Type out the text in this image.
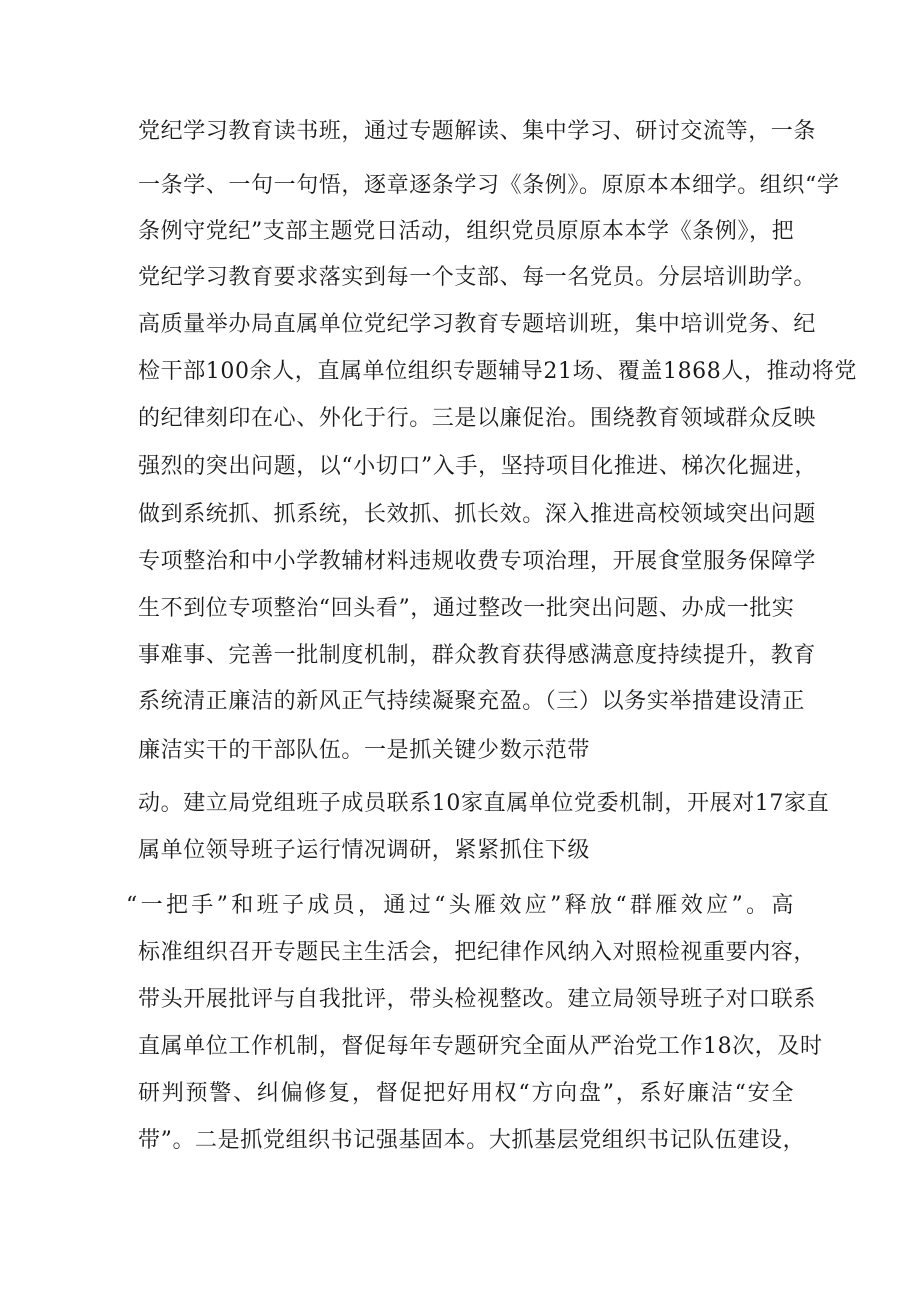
党纪学习教育读书班，通过专题解读、集中学习、研讨交流等，一条
一条学、一句一句悟，逐章逐条学习《条例》。原原本本细学。组织“学
条例守党纪”支部主题党日活动，组织党员原原本本学《条例》，把
党纪学习教育要求落实到每一个支部、每一名党员。分层培训助学。
高质量举办局直属单位党纪学习教育专题培训班，集中培训党务、纪
检干部100余人，直属单位组织专题辅导21场、覆盖1868人，推动将党
的纪律刻印在心、外化于行。三是以廉促治。围绕教育领域群众反映
强烈的突出问题，以“小切口”入手，坚持项目化推进、梯次化掘进，
做到系统抓、抓系统，长效抓、抓长效。深入推进高校领域突出问题
专项整治和中小学教辅材料违规收费专项治理，开展食堂服务保障学
生不到位专项整治“回头看”，通过整改一批突出问题、办成一批实
事难事、完善一批制度机制，群众教育获得感满意度持续提升，教育
系统清正廉洁的新风正气持续凝聚充盈。（三）以务实举措建设清正
廉洁实干的干部队伍。一是抓关键少数示范带
动。建立局党组班子成员联系10家直属单位党委机制，开展对17家直
属单位领导班子运行情况调研，紧紧抓住下级
“一把手”和班子成员，通过“头雁效应”释放“群雁效应”。高
标准组织召开专题民主生活会，把纪律作风纳入对照检视重要内容，
带头开展批评与自我批评，带头检视整改。建立局领导班子对口联系
直属单位工作机制，督促每年专题研究全面从严治党工作18次，及时
研判预警、纠偏修复，督促把好用权“方向盘”，系好廉洁“安全
带”。二是抓党组织书记强基固本。大抓基层党组织书记队伍建设，
